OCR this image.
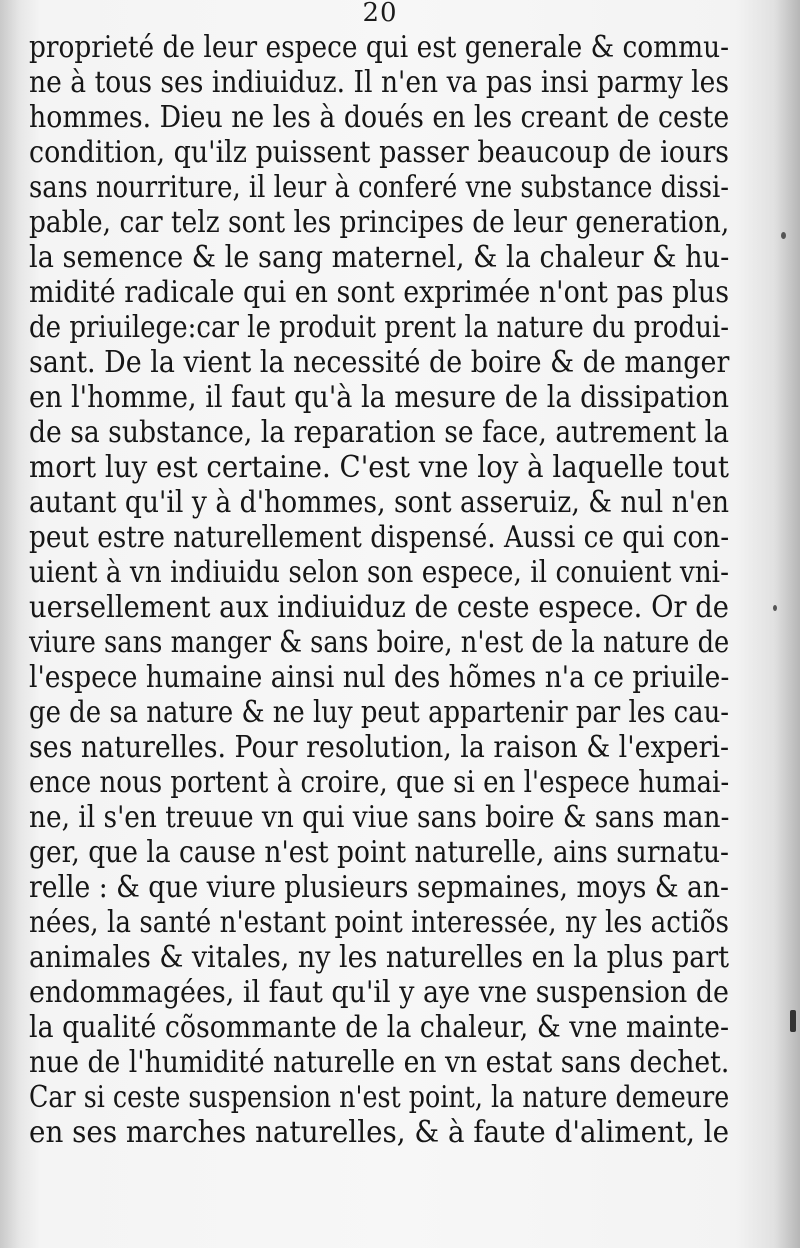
20
proprieté de leur espece qui est generale & commu-
ne à tous ses indiuiduz. Il n'en va pas insi parmy les
hommes. Dieu ne les à doués en les creant de ceste
condition, qu'ilz puissent passer beaucoup de iours
sans nourriture, il leur à conferé vne substance dissi-
pable, car telz sont les principes de leur generation,
la semence & le sang maternel, & la chaleur & hu-
midité radicale qui en sont exprimée n'ont pas plus
de priuilege:car le produit prent la nature du produi-
sant. De la vient la necessité de boire & de manger
en l'homme, il faut qu'à la mesure de la dissipation
de sa substance, la reparation se face, autrement la
mort luy est certaine. C'est vne loy à laquelle tout
autant qu'il y à d'hommes, sont asseruiz, & nul n'en
peut estre naturellement dispensé. Aussi ce qui con-
uient à vn indiuidu selon son espece, il conuient vni-
uersellement aux indiuiduz de ceste espece. Or de
viure sans manger & sans boire, n'est de la nature de
l'espece humaine ainsi nul des hõmes n'a ce priuile-
ge de sa nature & ne luy peut appartenir par les cau-
ses naturelles. Pour resolution, la raison & l'experi-
ence nous portent à croire, que si en l'espece humai-
ne, il s'en treuue vn qui viue sans boire & sans man-
ger, que la cause n'est point naturelle, ains surnatu-
relle : & que viure plusieurs sepmaines, moys & an-
nées, la santé n'estant point interessée, ny les actiõs
animales & vitales, ny les naturelles en la plus part
endommagées, il faut qu'il y aye vne suspension de
la qualité cõsommante de la chaleur, & vne mainte-
nue de l'humidité naturelle en vn estat sans dechet.
Car si ceste suspension n'est point, la nature demeure
en ses marches naturelles, & à faute d'aliment, le
